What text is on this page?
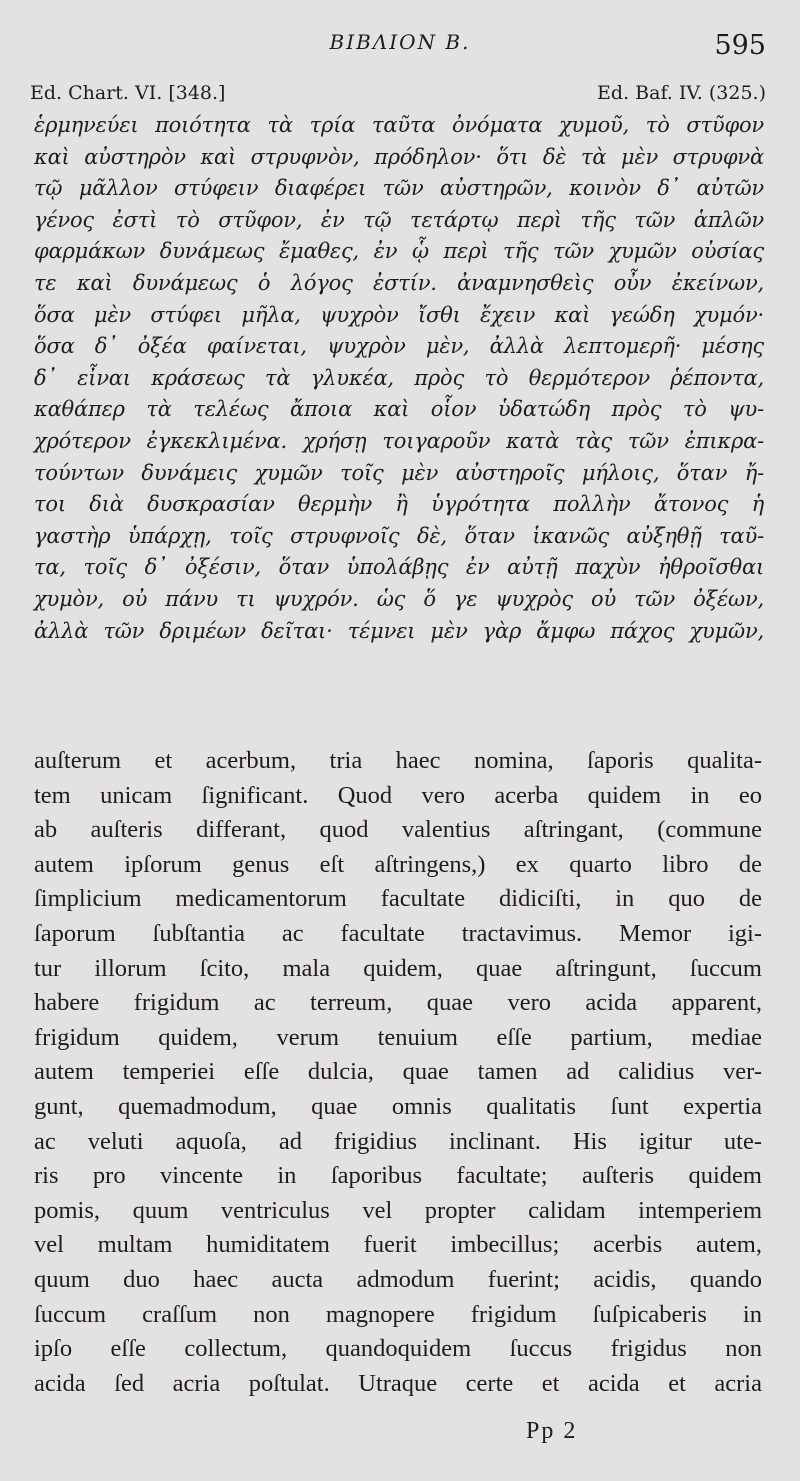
ΒΙΒΛΙΟΝ Β.	595
Ed. Chart. VI. [348.]	Ed. Baf. IV. (325.)
ἑρμηνεύει ποιότητα τὰ τρία ταῦτα ὀνόματα χυμοῦ, τὸ στῦφον
καὶ αὐστηρὸν καὶ στρυφνὸν, πρόδηλον· ὅτι δὲ τὰ μὲν στρυφνὰ
τῷ μᾶλλον στύφειν διαφέρει τῶν αὐστηρῶν, κοινὸν δ᾽ αὐτῶν
γένος ἐστὶ τὸ στῦφον, ἐν τῷ τετάρτῳ περὶ τῆς τῶν ἁπλῶν
φαρμάκων δυνάμεως ἔμαθες, ἐν ᾧ περὶ τῆς τῶν χυμῶν οὐσίας
τε καὶ δυνάμεως ὁ λόγος ἐστίν. ἀναμνησθεὶς οὖν ἐκείνων,
ὅσα μὲν στύφει μῆλα, ψυχρὸν ἴσθι ἔχειν καὶ γεώδη χυμόν·
ὅσα δ᾽ ὀξέα φαίνεται, ψυχρὸν μὲν, ἀλλὰ λεπτομερῆ· μέσης
δ᾽ εἶναι κράσεως τὰ γλυκέα, πρὸς τὸ θερμότερον ῥέποντα,
καθάπερ τὰ τελέως ἄποια καὶ οἷον ὑδατώδη πρὸς τὸ ψυ-
χρότερον ἐγκεκλιμένα. χρήσῃ τοιγαροῦν κατὰ τὰς τῶν ἐπικρα-
τούντων δυνάμεις χυμῶν τοῖς μὲν αὐστηροῖς μήλοις, ὅταν ἤ-
τοι διὰ δυσκρασίαν θερμὴν ἢ ὑγρότητα πολλὴν ἄτονος ἡ
γαστὴρ ὑπάρχῃ, τοῖς στρυφνοῖς δὲ, ὅταν ἱκανῶς αὐξηθῇ ταῦ-
τα, τοῖς δ᾽ ὀξέσιν, ὅταν ὑπολάβῃς ἐν αὐτῇ παχὺν ἠθροῖσθαι
χυμὸν, οὐ πάνυ τι ψυχρόν. ὡς ὅ γε ψυχρὸς οὐ τῶν ὀξέων,
ἀλλὰ τῶν δριμέων δεῖται· τέμνει μὲν γὰρ ἄμφω πάχος χυμῶν,
auſterum et acerbum, tria haec nomina, ſaporis qualita-
tem unicam ſignificant. Quod vero acerba quidem in eo
ab auſteris differant, quod valentius aſtringant, (commune
autem ipſorum genus eſt aſtringens,) ex quarto libro de
ſimplicium medicamentorum facultate didiciſti, in quo de
ſaporum ſubſtantia ac facultate tractavimus. Memor igi-
tur illorum ſcito, mala quidem, quae aſtringunt, ſuccum
habere frigidum ac terreum, quae vero acida apparent,
frigidum quidem, verum tenuium eſſe partium, mediae
autem temperiei eſſe dulcia, quae tamen ad calidius ver-
gunt, quemadmodum, quae omnis qualitatis ſunt expertia
ac veluti aquoſa, ad frigidius inclinant. His igitur ute-
ris pro vincente in ſaporibus facultate; auſteris quidem
pomis, quum ventriculus vel propter calidam intemperiem
vel multam humiditatem fuerit imbecillus; acerbis autem,
quum duo haec aucta admodum fuerint; acidis, quando
ſuccum craſſum non magnopere frigidum ſuſpicaberis in
ipſo eſſe collectum, quandoquidem ſuccus frigidus non
acida ſed acria poſtulat. Utraque certe et acida et acria
Pp 2
